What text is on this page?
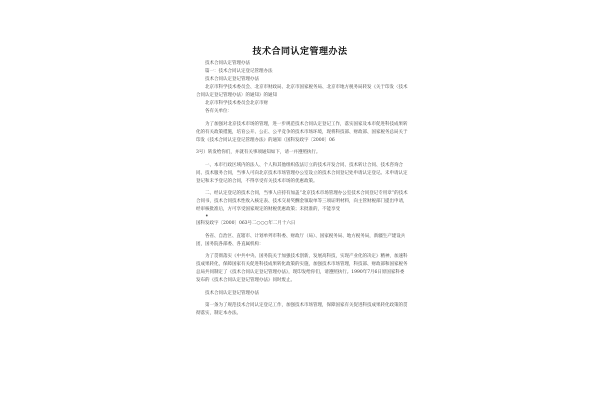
技术合同认定管理办法

技术合同认定管理办法

篇一：技术合同认定登记管理办法

技术合同认定登记管理办法

北京市科学技术委员会、北京市财政局、北京市国家税务局、北京市地方税务局转发《关于印发〈技术合同认定登记管理办法〉的通知》的通知

北京市科学技术委员会北京市财

各有关单位：

为了加强对北京技术市场的管理，进一步规范技术合同认定登记工作，落实国家及本市促进科技成果转化的有关政策措施，培育公开、公正、公平竞争的技术市场环境，现将科技部、财政部、国家税务总局关于印发《技术合同认定登记管理办法》的通知（国科发政字〔2000〕06

3号）转发给你们，并就有关事项通知如下，请一并遵照执行。

一、本市行政区域内的法人、个人和其他组织依法订立的技术开发合同、技术转让合同、技术咨询合同、技术服务合同，当事人可向北京技术市场管理办公室设立的技术合同登记处申请认定登记。未申请认定登记和未予登记的合同，不得享受有关技术市场的优惠政策。

二、经认定登记的技术合同，当事人应持有加盖“北京技术市场管理办公室技术合同登记专用章”的技术合同书，技术合同技术性收入核定表、技术交易奖酬金领取单等三项证明材料，向主管财税部门提出申请，经审核批准后，方可享受国家规定的财税优惠政策；未批准的，不能享受

•

国科发政字〔2000〕063号二○○○年二月十六日

各省、自治区、直辖市、计划单列市科委、财政厅（局）、国家税务局、地方税务局，新疆生产建设兵团，国务院各部委、各直属机构：

为了贯彻落实《中共中央、国务院关于加强技术创新，发展高科技，实现产业化的决定》精神，加速科技成果转化，保障国家有关促进科技成果转化政策的实施，加强技术市场管理，科技部、财政部和国家税务总局共同制定了《技术合同认定登记管理办法》，现印发给你们，请遵照执行。1990年7月6日原国家科委发布的《技术合同认定登记管理办法》同时废止。

技术合同认定登记管理办法

第一条为了规范技术合同认定登记工作，加强技术市场管理，保障国家有关促进科技成果转化政策的贯彻落实，制定本办法。
